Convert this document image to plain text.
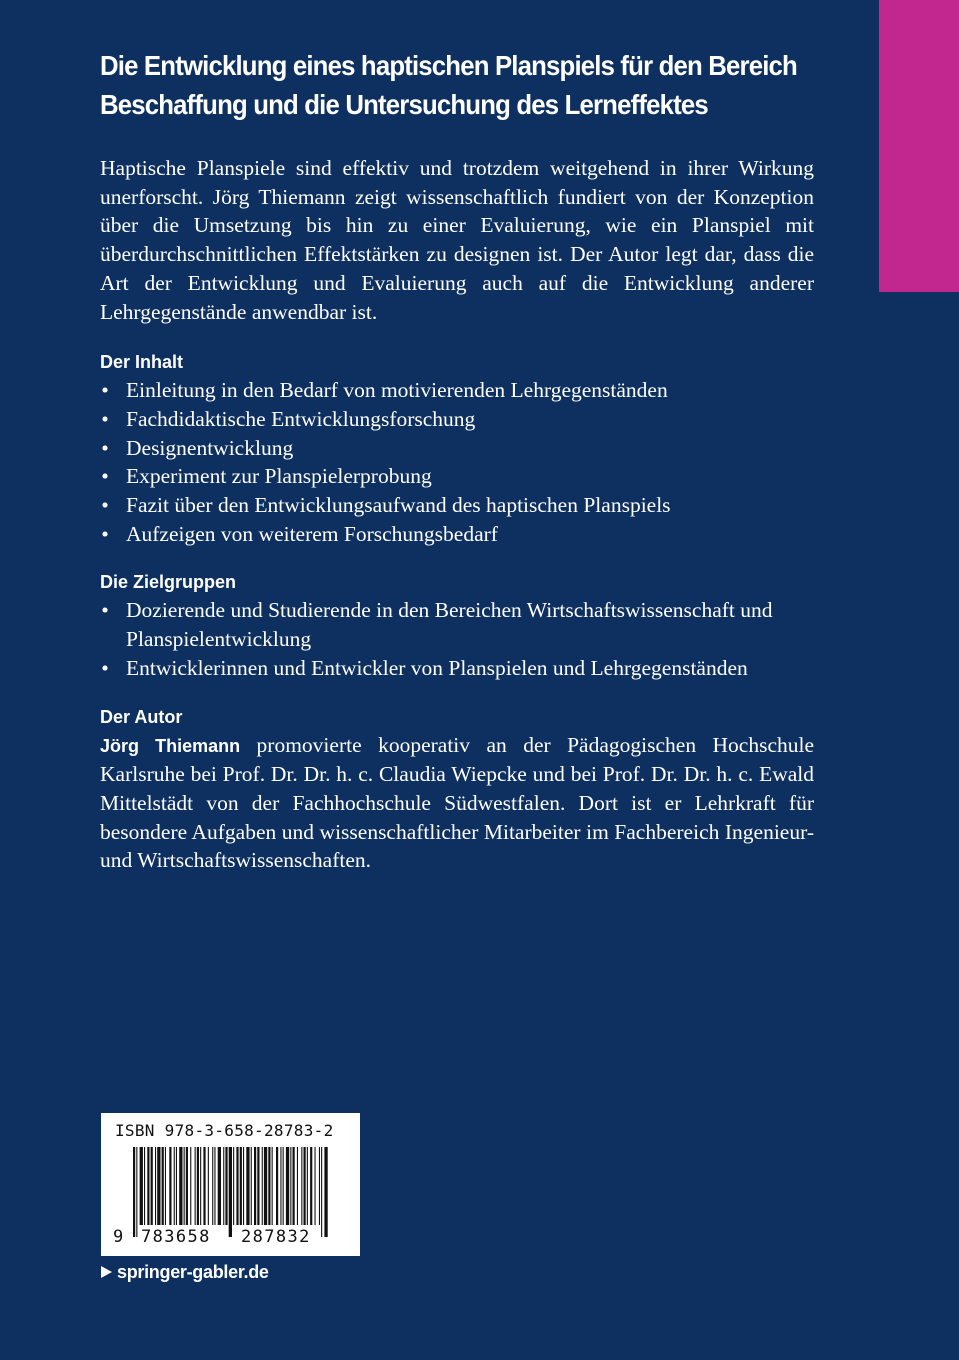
Die Entwicklung eines haptischen Planspiels für den Bereich Beschaffung und die Untersuchung des Lerneffektes

Haptische Planspiele sind effektiv und trotzdem weitgehend in ihrer Wirkung unerforscht. Jörg Thiemann zeigt wissenschaftlich fundiert von der Konzeption über die Umsetzung bis hin zu einer Evaluierung, wie ein Planspiel mit überdurchschnittlichen Effektstärken zu designen ist. Der Autor legt dar, dass die Art der Entwicklung und Evaluierung auch auf die Entwicklung anderer Lehrgegenstände anwendbar ist.

Der Inhalt
• Einleitung in den Bedarf von motivierenden Lehrgegenständen
• Fachdidaktische Entwicklungsforschung
• Designentwicklung
• Experiment zur Planspielerprobung
• Fazit über den Entwicklungsaufwand des haptischen Planspiels
• Aufzeigen von weiterem Forschungsbedarf
Die Zielgruppen
• Dozierende und Studierende in den Bereichen Wirtschaftswissenschaft und Planspielentwicklung
• Entwicklerinnen und Entwickler von Planspielen und Lehrgegenständen
Der Autor

Jörg Thiemann promovierte kooperativ an der Pädagogischen Hochschule Karlsruhe bei Prof. Dr. Dr. h. c. Claudia Wiepcke und bei Prof. Dr. Dr. h. c. Ewald Mittelstädt von der Fachhochschule Südwestfalen. Dort ist er Lehrkraft für besondere Aufgaben und wissenschaftlicher Mitarbeiter im Fachbereich Ingenieur- und Wirtschaftswissenschaften.

ISBN 978-3-658-28783-2
9 783658 287832
springer-gabler.de
